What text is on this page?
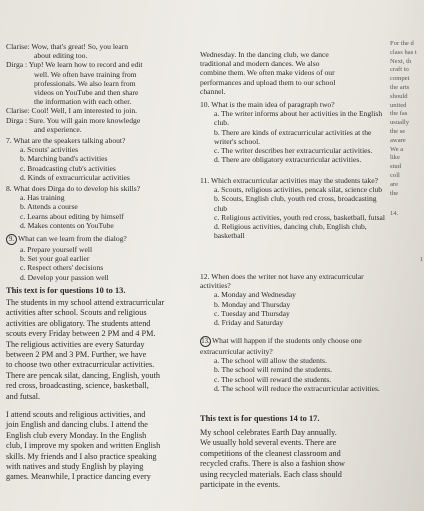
Clarise: Wow, that's great! So, you learn

about editing too.

Dirga : Yup! We learn how to record and edit

well. We often have training from

professionals. We also learn from

videos on YouTube and then share

the information with each other.

Clarise: Cool! Well, I am interested to join.

Dirga : Sure. You will gain more knowledge

and experience.

7. What are the speakers talking about?

a. Scouts' activities

b. Marching band's activities

c. Broadcasting club's activities

d. Kinds of extracurricular activities

8. What does Dirga do to develop his skills?

a. Has training

b. Attends a course

c. Learns about editing by himself

d. Makes contents on YouTube

9. What can we learn from the dialog?

a. Prepare yourself well

b. Set your goal earlier

c. Respect others' decisions

d. Develop your passion well

This text is for questions 10 to 13.
The students in my school attend extracurricular
activities after school. Scouts and religious
activities are obligatory. The students attend
scouts every Friday between 2 PM and 4 PM.
The religious activities are every Saturday
between 2 PM and 3 PM. Further, we have
to choose two other extracurricular activities.
There are pencak silat, dancing, English, youth
red cross, broadcasting, science, basketball,
and futsal.
I attend scouts and religious activities, and
join English and dancing clubs. I attend the
English club every Monday. In the English
club, I improve my spoken and written English
skills. My friends and I also practice speaking
with natives and study English by playing
games. Meanwhile, I practice dancing every
Wednesday. In the dancing club, we dance
traditional and modern dances. We also
combine them. We often make videos of our
performances and upload them to our school
channel.

10. What is the main idea of paragraph two?

a. The writer informs about her activities in the English club.

b. There are kinds of extracurricular activities at the writer's school.

c. The writer describes her extracurricular activities.

d. There are obligatory extracurricular activities.

11. Which extracurricular activities may the students take?

a. Scouts, religious activities, pencak silat, science club

b. Scouts, English club, youth red cross, broadcasting club

c. Religious activities, youth red cross, basketball, futsal

d. Religious activities, dancing club, English club, basketball

12. When does the writer not have any extracurricular activities?

a. Monday and Wednesday

b. Monday and Thursday

c. Tuesday and Thursday

d. Friday and Saturday

13. What will happen if the students only choose one extracurricular activity?

a. The school will allow the students.

b. The school will remind the students.

c. The school will reward the students.

d. The school will reduce the extracurricular activities.

This text is for questions 14 to 17.
My school celebrates Earth Day annually.
We usually hold several events. There are
competitions of the cleanest classroom and
recycled crafts. There is also a fashion show
using recycled materials. Each class should
participate in the events.
For the d
class has t
Next, th
craft to
compet
the arts
should
united
the fas
usually
the se
aware
We a
like
stud
coll
are
the
14.
1
